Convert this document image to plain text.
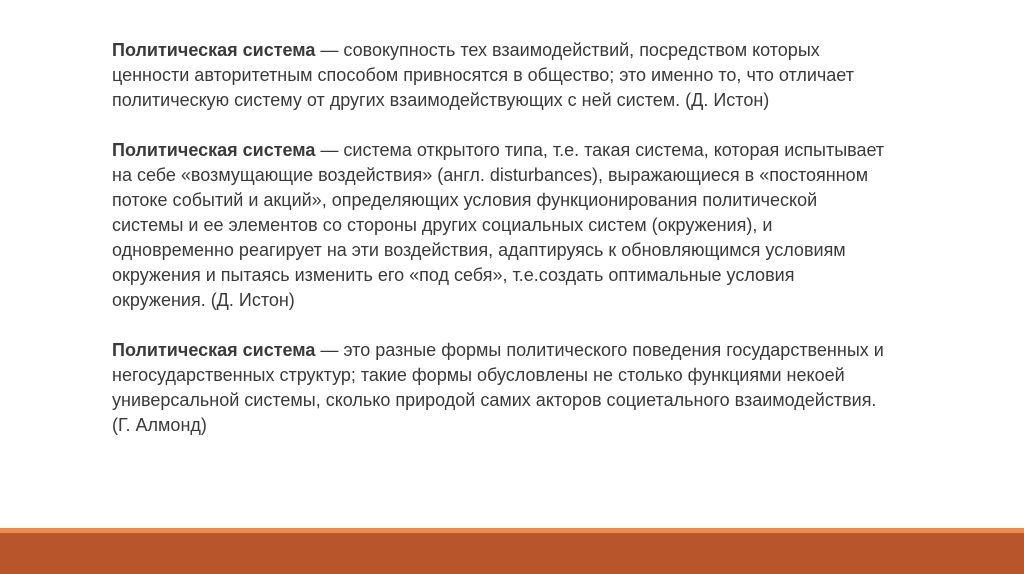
Политическая система — совокупность тех взаимодействий, посредством которых
ценности авторитетным способом привносятся в общество; это именно то, что отличает
политическую систему от других взаимодействующих с ней систем. (Д. Истон)

Политическая система — система открытого типа, т.е. такая система, которая испытывает
на себе «возмущающие воздействия» (англ. disturbances), выражающиеся в «постоянном
потоке событий и акций», определяющих условия функционирования политической
системы и ее элементов со стороны других социальных систем (окружения), и
одновременно реагирует на эти воздействия, адаптируясь к обновляющимся условиям
окружения и пытаясь изменить его «под себя», т.е.создать оптимальные условия
окружения. (Д. Истон)

Политическая система — это разные формы политического поведения государственных и
негосударственных структур; такие формы обусловлены не столько функциями некоей
универсальной системы, сколько природой самих акторов социетального взаимодействия.
(Г. Алмонд)
